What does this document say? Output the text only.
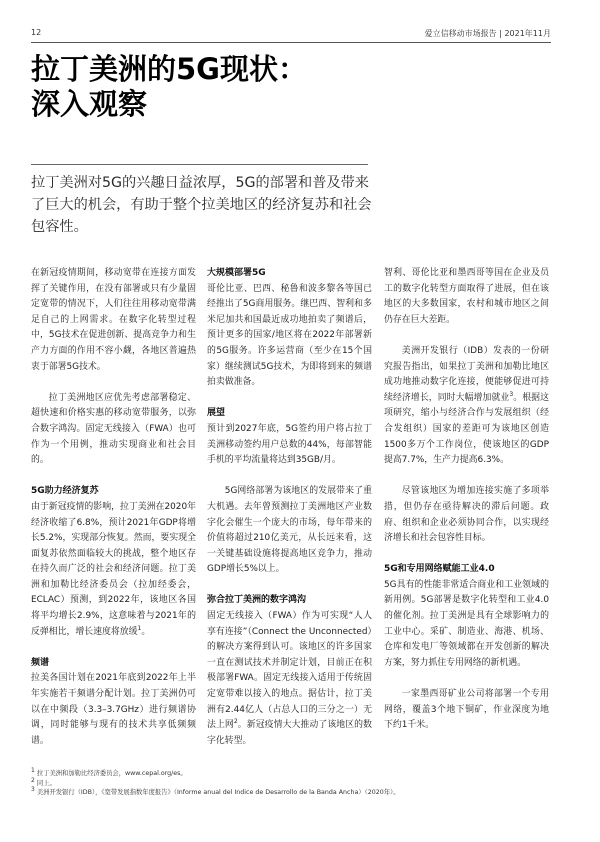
12	爱立信移动市场报告 | 2021年11月
拉丁美洲的5G现状：
深入观察
拉丁美洲对5G的兴趣日益浓厚，5G的部署和普及带来了巨大的机会，有助于整个拉美地区的经济复苏和社会包容性。

在新冠疫情期间，移动宽带在连接方面发挥了关键作用，在没有部署或只有少量固定宽带的情况下，人们往往用移动宽带满足自己的上网需求。在数字化转型过程中，5G技术在促进创新、提高竞争力和生产力方面的作用不容小觑，各地区普遍热衷于部署5G技术。

拉丁美洲地区应优先考虑部署稳定、超快速和价格实惠的移动宽带服务，以弥合数字鸿沟。固定无线接入（FWA）也可作为一个用例，推动实现商业和社会目的。

5G助力经济复苏

由于新冠疫情的影响，拉丁美洲在2020年经济收缩了6.8%，预计2021年GDP将增长5.2%，实现部分恢复。然而，要实现全面复苏依然面临较大的挑战，整个地区存在持久而广泛的社会和经济问题。拉丁美洲和加勒比经济委员会（拉加经委会，ECLAC）预测，到2022年，该地区各国将平均增长2.9%，这意味着与2021年的反弹相比，增长速度将放缓$^1$。

频谱

拉美各国计划在2021年底到2022年上半年实施若干频谱分配计划。拉丁美洲仍可以在中频段（3.3–3.7GHz）进行频谱协调，同时能够与现有的技术共享低频频谱。

大规模部署5G

哥伦比亚、巴西、秘鲁和波多黎各等国已经推出了5G商用服务。继巴西、智利和多米尼加共和国最近成功地拍卖了频谱后，预计更多的国家/地区将在2022年部署新的5G服务。许多运营商（至少在15个国家）继续测试5G技术，为即将到来的频谱拍卖做准备。

展望

预计到2027年底，5G签约用户将占拉丁美洲移动签约用户总数的44%，每部智能手机的平均流量将达到35GB/月。

5G网络部署为该地区的发展带来了重大机遇。去年曾预测拉丁美洲地区产业数字化会催生一个庞大的市场，每年带来的价值将超过210亿美元，从长远来看，这一关键基础设施将提高地区竞争力，推动GDP增长5%以上。

弥合拉丁美洲的数字鸿沟

固定无线接入（FWA）作为可实现“人人享有连接”（Connect the Unconnected）的解决方案得到认可。该地区的许多国家一直在测试技术并制定计划，目前正在积极部署FWA。固定无线接入适用于传统固定宽带难以接入的地点。据估计，拉丁美洲有2.44亿人（占总人口的三分之一）无法上网$^2$。新冠疫情大大推动了该地区的数字化转型。

智利、哥伦比亚和墨西哥等国在企业及员工的数字化转型方面取得了进展，但在该地区的大多数国家，农村和城市地区之间仍存在巨大差距。

美洲开发银行（IDB）发表的一份研究报告指出，如果拉丁美洲和加勒比地区成功地推动数字化连接，便能够促进可持续经济增长，同时大幅增加就业$^3$。根据这项研究，缩小与经济合作与发展组织（经合发组织）国家的差距可为该地区创造1500多万个工作岗位，使该地区的GDP提高7.7%，生产力提高6.3%。

尽管该地区为增加连接实施了多项举措，但仍存在亟待解决的滞后问题。政府、组织和企业必须协同合作，以实现经济增长和社会包容性目标。

5G和专用网络赋能工业4.0

5G具有的性能非常适合商业和工业领域的新用例。5G部署是数字化转型和工业4.0的催化剂。拉丁美洲是具有全球影响力的工业中心。采矿、制造业、海港、机场、仓库和发电厂等领域都在开发创新的解决方案，努力抓住专用网络的新机遇。

一家墨西哥矿业公司将部署一个专用网络，覆盖3个地下铜矿，作业深度为地下约1千米。

$^1$ 拉丁美洲和加勒比经济委员会，www.cepal.org/es。
$^2$ 同上。
$^3$ 美洲开发银行（IDB），《宽带发展指数年度报告》（Informe anual del Indice de Desarrollo de la Banda Ancha）（2020年）。
